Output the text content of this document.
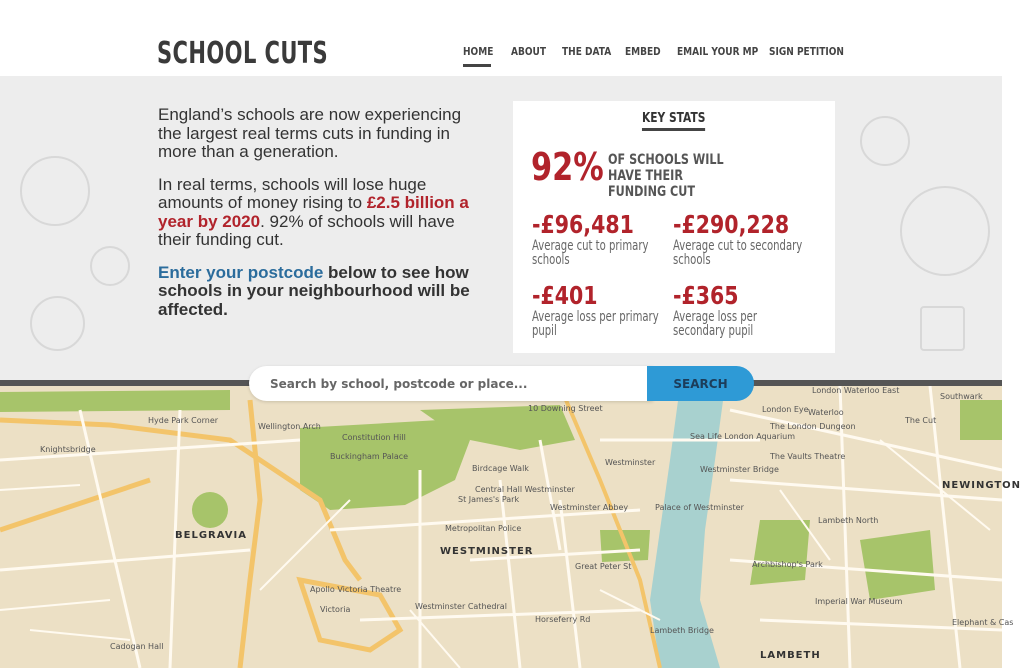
SCHOOL CUTS	HOME ABOUT THE DATA EMBED EMAIL YOUR MP SIGN PETITION

England’s schools are now experiencing the largest real terms cuts in funding in more than a generation.

In real terms, schools will lose huge amounts of money rising to £2.5 billion a year by 2020. 92% of schools will have their funding cut.

Enter your postcode below to see how schools in your neighbourhood will be affected.

KEY STATS
92% OF SCHOOLS WILL HAVE THEIR FUNDING CUT
-£96,481
Average cut to primary schools
-£290,228
Average cut to secondary schools
-£401
Average loss per primary pupil
-£365
Average loss per secondary pupil
BELGRAVIA
WESTMINSTER
LAMBETH
NEWINGTON
Constitution Hill
Buckingham Palace
St James's Park
Westminster
Westminster Abbey	Palace of Westminster
Westminster Bridge
Central Hall Westminster
London Eye Waterloo
Lambeth North
Imperial War Museum
Victoria
Apollo Victoria Theatre
Westminster Cathedral
Metropolitan Police
Horseferry Rd
Lambeth Bridge
Knightsbridge
Hyde Park Corner
Wellington Arch
Southwark
London Waterloo East
The Cut
Great Peter St
Birdcage Walk
10 Downing Street
Cadogan Hall
Sea Life London Aquarium
The London Dungeon
The Vaults Theatre
Elephant & Cas
Archbishop's Park
Search by school, postcode or place...
SEARCH
